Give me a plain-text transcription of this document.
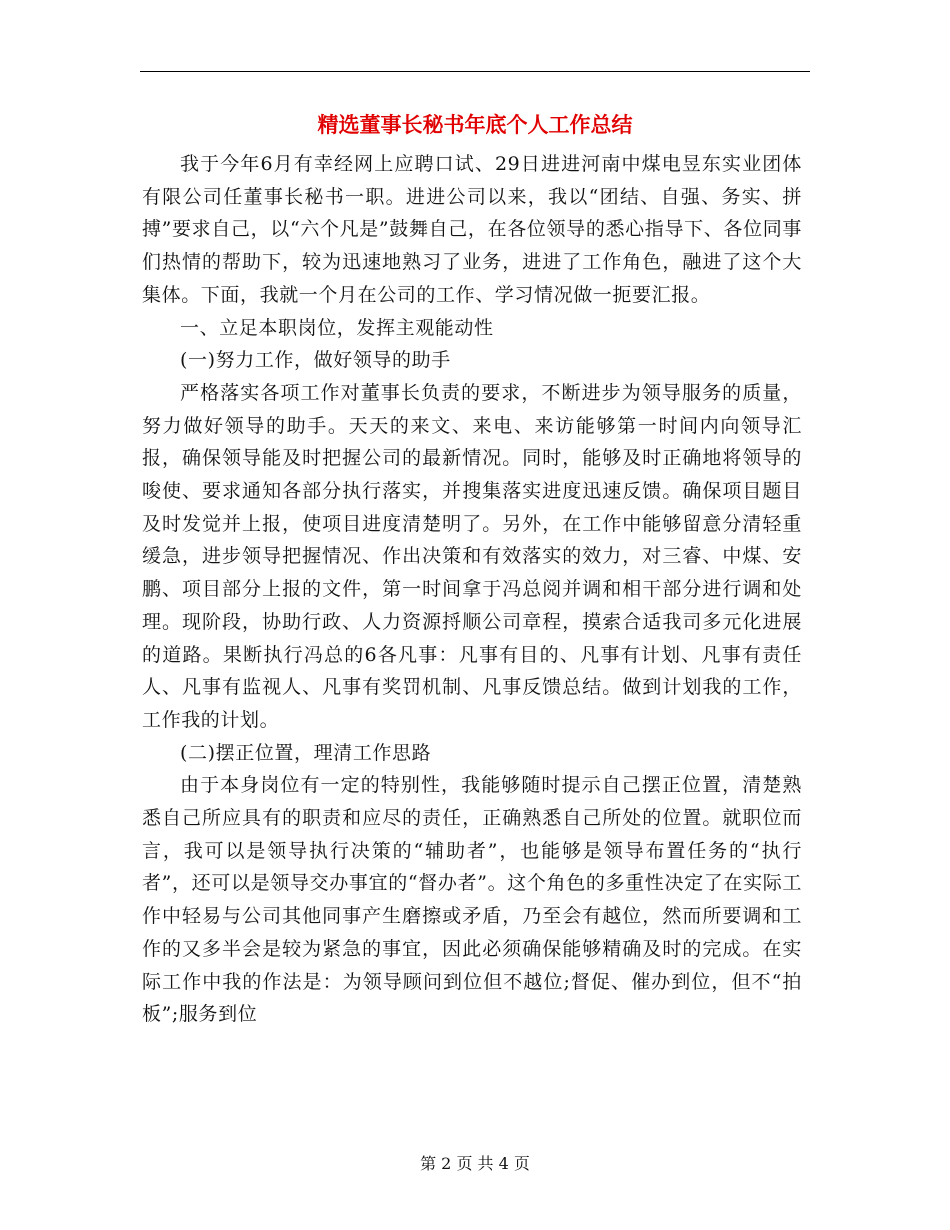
精选董事长秘书年底个人工作总结

我于今年6月有幸经网上应聘口试、29日进进河南中煤电昱东实业团体有限公司任董事长秘书一职。进进公司以来，我以“团结、自强、务实、拼搏”要求自己，以“六个凡是”鼓舞自己，在各位领导的悉心指导下、各位同事们热情的帮助下，较为迅速地熟习了业务，进进了工作角色，融进了这个大集体。下面，我就一个月在公司的工作、学习情况做一扼要汇报。

一、立足本职岗位，发挥主观能动性

(一)努力工作，做好领导的助手

严格落实各项工作对董事长负责的要求，不断进步为领导服务的质量，努力做好领导的助手。天天的来文、来电、来访能够第一时间内向领导汇报，确保领导能及时把握公司的最新情况。同时，能够及时正确地将领导的唆使、要求通知各部分执行落实，并搜集落实进度迅速反馈。确保项目题目及时发觉并上报，使项目进度清楚明了。另外，在工作中能够留意分清轻重缓急，进步领导把握情况、作出决策和有效落实的效力，对三睿、中煤、安鹏、项目部分上报的文件，第一时间拿于冯总阅并调和相干部分进行调和处理。现阶段，协助行政、人力资源捋顺公司章程，摸索合适我司多元化进展的道路。果断执行冯总的6各凡事：凡事有目的、凡事有计划、凡事有责任人、凡事有监视人、凡事有奖罚机制、凡事反馈总结。做到计划我的工作，工作我的计划。

(二)摆正位置，理清工作思路

由于本身岗位有一定的特别性，我能够随时提示自己摆正位置，清楚熟悉自己所应具有的职责和应尽的责任，正确熟悉自己所处的位置。就职位而言，我可以是领导执行决策的“辅助者”，也能够是领导布置任务的“执行者”，还可以是领导交办事宜的“督办者”。这个角色的多重性决定了在实际工作中轻易与公司其他同事产生磨擦或矛盾，乃至会有越位，然而所要调和工作的又多半会是较为紧急的事宜，因此必须确保能够精确及时的完成。在实际工作中我的作法是：为领导顾问到位但不越位;督促、催办到位，但不“拍板”;服务到位

第 2 页 共 4 页
